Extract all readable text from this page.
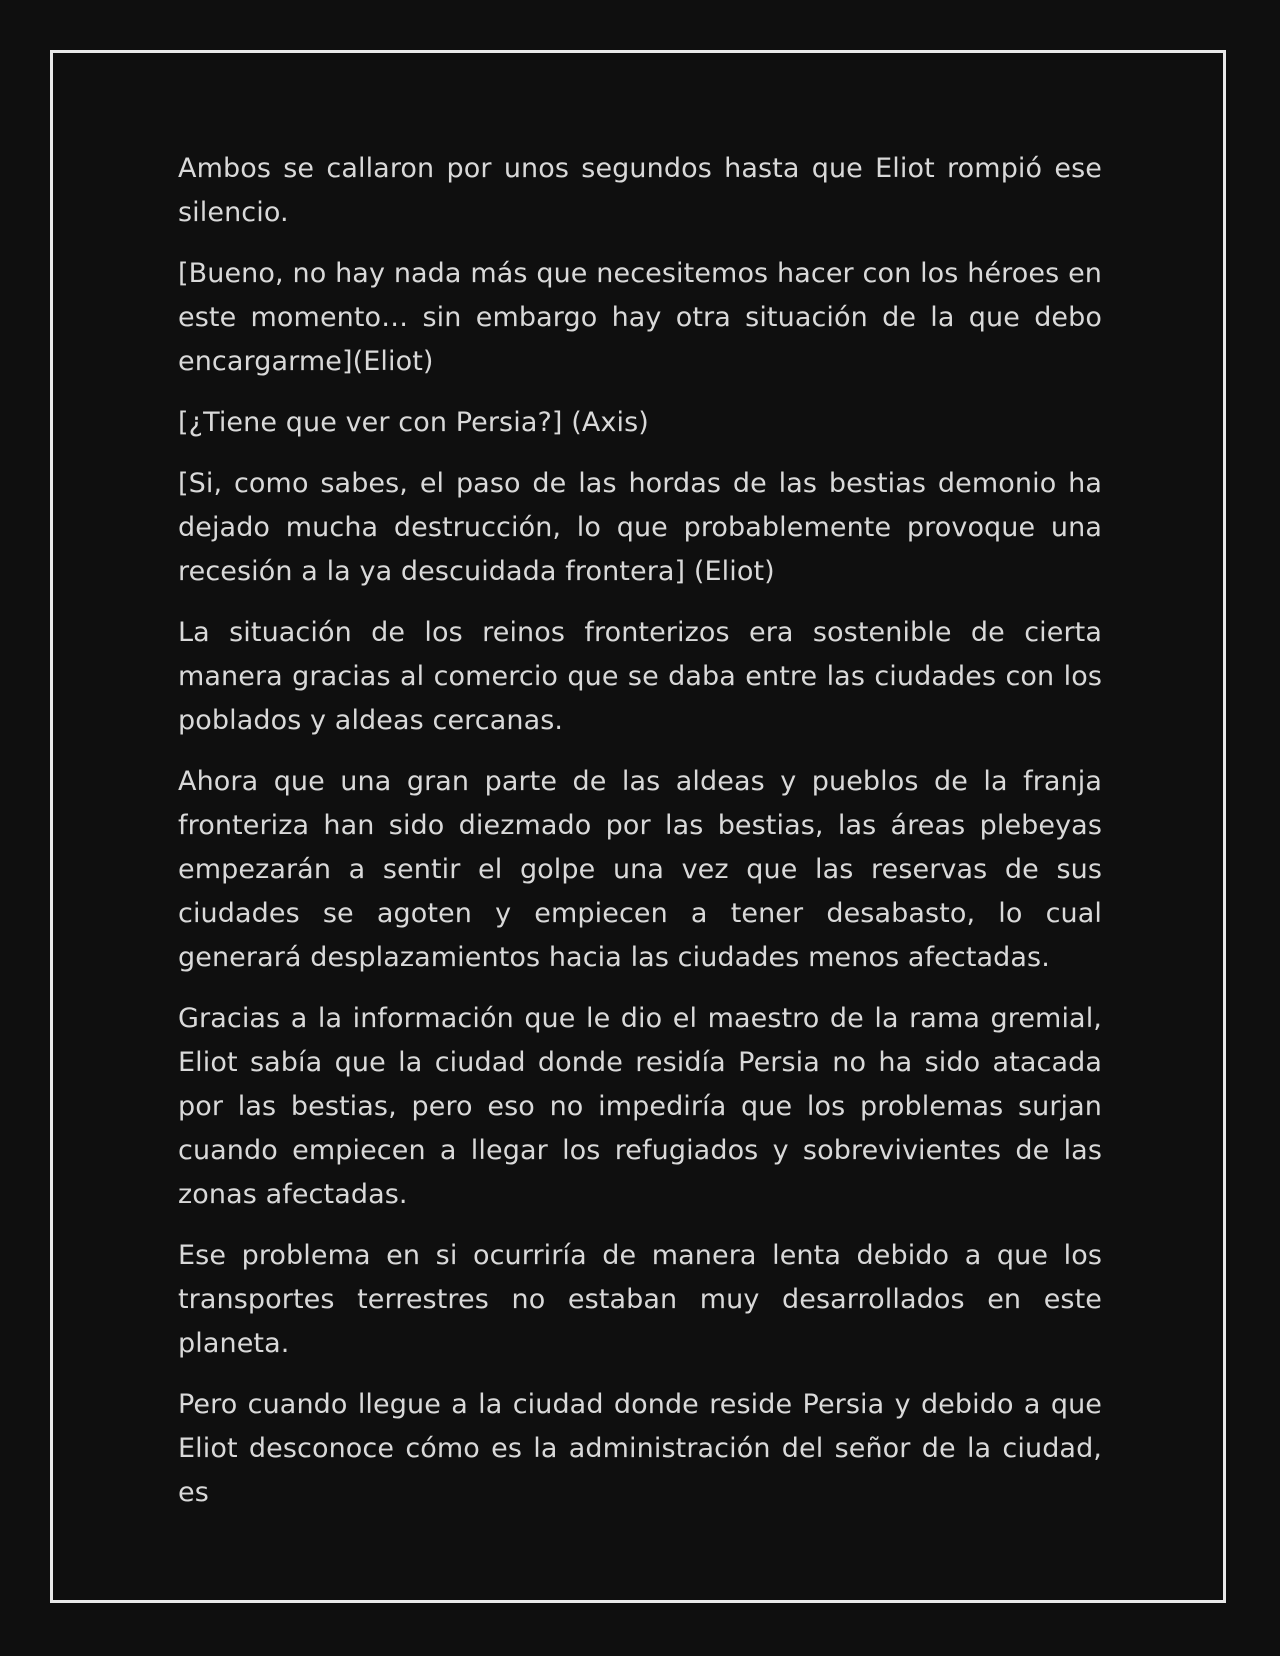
Ambos se callaron por unos segundos hasta que Eliot rompió ese silencio.

[Bueno, no hay nada más que necesitemos hacer con los héroes en este momento… sin embargo hay otra situación de la que debo encargarme](Eliot)

[¿Tiene que ver con Persia?] (Axis)

[Si, como sabes, el paso de las hordas de las bestias demonio ha dejado mucha destrucción, lo que probablemente provoque una recesión a la ya descuidada frontera] (Eliot)

La situación de los reinos fronterizos era sostenible de cierta manera gracias al comercio que se daba entre las ciudades con los poblados y aldeas cercanas.

Ahora que una gran parte de las aldeas y pueblos de la franja fronteriza han sido diezmado por las bestias, las áreas plebeyas empezarán a sentir el golpe una vez que las reservas de sus ciudades se agoten y empiecen a tener desabasto, lo cual generará desplazamientos hacia las ciudades menos afectadas.

Gracias a la información que le dio el maestro de la rama gremial, Eliot sabía que la ciudad donde residía Persia no ha sido atacada por las bestias, pero eso no impediría que los problemas surjan cuando empiecen a llegar los refugiados y sobrevivientes de las zonas afectadas.

Ese problema en si ocurriría de manera lenta debido a que los transportes terrestres no estaban muy desarrollados en este planeta.

Pero cuando llegue a la ciudad donde reside Persia y debido a que Eliot desconoce cómo es la administración del señor de la ciudad, es
